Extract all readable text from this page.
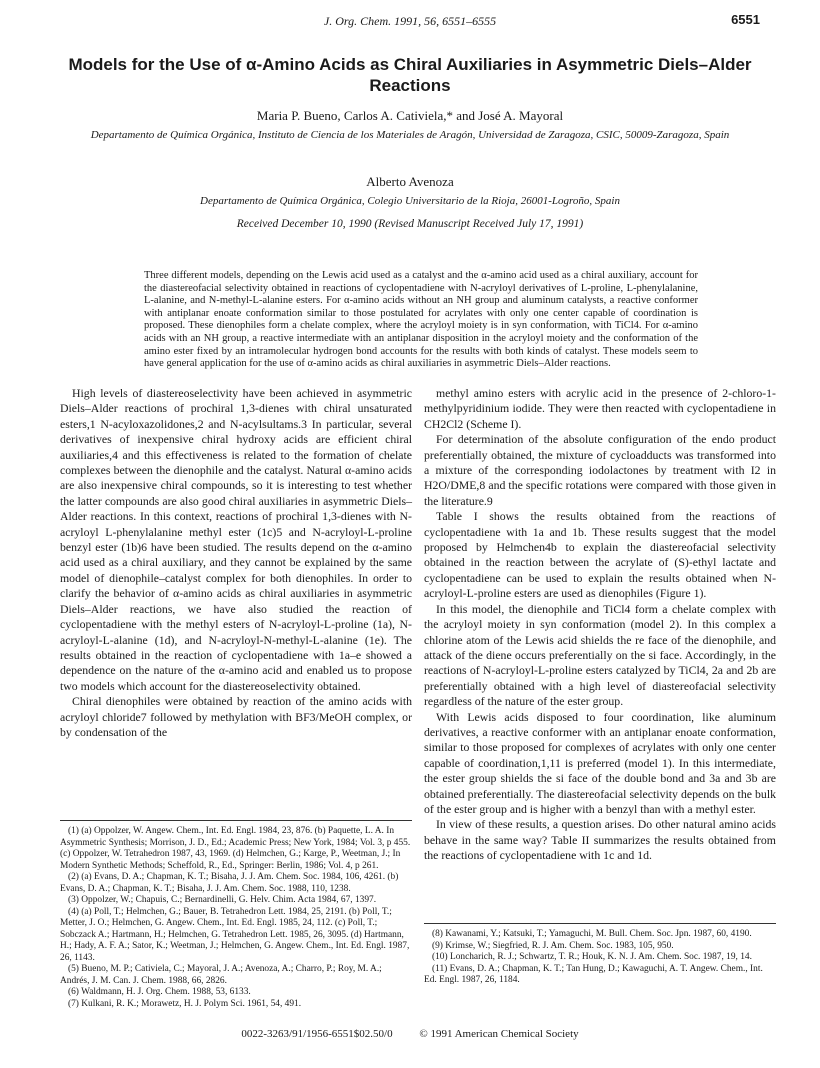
J. Org. Chem. 1991, 56, 6551–6555	6551
Models for the Use of α-Amino Acids as Chiral Auxiliaries in Asymmetric Diels–Alder Reactions
Maria P. Bueno, Carlos A. Cativiela,* and José A. Mayoral
Departamento de Química Orgánica, Instituto de Ciencia de los Materiales de Aragón, Universidad de Zaragoza, CSIC, 50009-Zaragoza, Spain
Alberto Avenoza
Departamento de Química Orgánica, Colegio Universitario de la Rioja, 26001-Logroño, Spain
Received December 10, 1990 (Revised Manuscript Received July 17, 1991)
Three different models, depending on the Lewis acid used as a catalyst and the α-amino acid used as a chiral auxiliary, account for the diastereofacial selectivity obtained in reactions of cyclopentadiene with N-acryloyl derivatives of L-proline, L-phenylalanine, L-alanine, and N-methyl-L-alanine esters. For α-amino acids without an NH group and aluminum catalysts, a reactive conformer with antiplanar enoate conformation similar to those postulated for acrylates with only one center capable of coordination is proposed. These dienophiles form a chelate complex, where the acryloyl moiety is in syn conformation, with TiCl4. For α-amino acids with an NH group, a reactive intermediate with an antiplanar disposition in the acryloyl moiety and the conformation of the amino ester fixed by an intramolecular hydrogen bond accounts for the results with both kinds of catalyst. These models seem to have general application for the use of α-amino acids as chiral auxiliaries in asymmetric Diels–Alder reactions.

High levels of diastereoselectivity have been achieved in asymmetric Diels–Alder reactions of prochiral 1,3-dienes with chiral unsaturated esters,1 N-acyloxazolidones,2 and N-acylsultams.3 In particular, several derivatives of inexpensive chiral hydroxy acids are efficient chiral auxiliaries,4 and this effectiveness is related to the formation of chelate complexes between the dienophile and the catalyst. Natural α-amino acids are also inexpensive chiral compounds, so it is interesting to test whether the latter compounds are also good chiral auxiliaries in asymmetric Diels–Alder reactions. In this context, reactions of prochiral 1,3-dienes with N-acryloyl L-phenylalanine methyl ester (1c)5 and N-acryloyl-L-proline benzyl ester (1b)6 have been studied. The results depend on the α-amino acid used as a chiral auxiliary, and they cannot be explained by the same model of dienophile–catalyst complex for both dienophiles. In order to clarify the behavior of α-amino acids as chiral auxiliaries in asymmetric Diels–Alder reactions, we have also studied the reaction of cyclopentadiene with the methyl esters of N-acryloyl-L-proline (1a), N-acryloyl-L-alanine (1d), and N-acryloyl-N-methyl-L-alanine (1e). The results obtained in the reaction of cyclopentadiene with 1a–e showed a dependence on the nature of the α-amino acid and enabled us to propose two models which account for the diastereoselectivity obtained.

Chiral dienophiles were obtained by reaction of the amino acids with acryloyl chloride7 followed by methylation with BF3/MeOH complex, or by condensation of the

methyl amino esters with acrylic acid in the presence of 2-chloro-1-methylpyridinium iodide. They were then reacted with cyclopentadiene in CH2Cl2 (Scheme I).

For determination of the absolute configuration of the endo product preferentially obtained, the mixture of cycloadducts was transformed into a mixture of the corresponding iodolactones by treatment with I2 in H2O/DME,8 and the specific rotations were compared with those given in the literature.9

Table I shows the results obtained from the reactions of cyclopentadiene with 1a and 1b. These results suggest that the model proposed by Helmchen4b to explain the diastereofacial selectivity obtained in the reaction between the acrylate of (S)-ethyl lactate and cyclopentadiene can be used to explain the results obtained when N-acryloyl-L-proline esters are used as dienophiles (Figure 1).

In this model, the dienophile and TiCl4 form a chelate complex with the acryloyl moiety in syn conformation (model 2). In this complex a chlorine atom of the Lewis acid shields the re face of the dienophile, and attack of the diene occurs preferentially on the si face. Accordingly, in the reactions of N-acryloyl-L-proline esters catalyzed by TiCl4, 2a and 2b are preferentially obtained with a high level of diastereofacial selectivity regardless of the nature of the ester group.

With Lewis acids disposed to four coordination, like aluminum derivatives, a reactive conformer with an antiplanar enoate conformation, similar to those proposed for complexes of acrylates with only one center capable of coordination,1,11 is preferred (model 1). In this intermediate, the ester group shields the si face of the double bond and 3a and 3b are obtained preferentially. The diastereofacial selectivity depends on the bulk of the ester group and is higher with a benzyl than with a methyl ester.

In view of these results, a question arises. Do other natural amino acids behave in the same way? Table II summarizes the results obtained from the reactions of cyclopentadiene with 1c and 1d.

(1) (a) Oppolzer, W. Angew. Chem., Int. Ed. Engl. 1984, 23, 876. (b) Paquette, L. A. In Asymmetric Synthesis; Morrison, J. D., Ed.; Academic Press; New York, 1984; Vol. 3, p 455. (c) Oppolzer, W. Tetrahedron 1987, 43, 1969. (d) Helmchen, G.; Karge, P., Weetman, J.; In Modern Synthetic Methods; Scheffold, R., Ed., Springer: Berlin, 1986; Vol. 4, p 261.
(2) (a) Evans, D. A.; Chapman, K. T.; Bisaha, J. J. Am. Chem. Soc. 1984, 106, 4261. (b) Evans, D. A.; Chapman, K. T.; Bisaha, J. J. Am. Chem. Soc. 1988, 110, 1238.
(3) Oppolzer, W.; Chapuis, C.; Bernardinelli, G. Helv. Chim. Acta 1984, 67, 1397.
(4) (a) Poll, T.; Helmchen, G.; Bauer, B. Tetrahedron Lett. 1984, 25, 2191. (b) Poll, T.; Metter, J. O.; Helmchen, G. Angew. Chem., Int. Ed. Engl. 1985, 24, 112. (c) Poll, T.; Sobczack A.; Hartmann, H.; Helmchen, G. Tetrahedron Lett. 1985, 26, 3095. (d) Hartmann, H.; Hady, A. F. A.; Sator, K.; Weetman, J.; Helmchen, G. Angew. Chem., Int. Ed. Engl. 1987, 26, 1143.
(5) Bueno, M. P.; Cativiela, C.; Mayoral, J. A.; Avenoza, A.; Charro, P.; Roy, M. A.; Andrés, J. M. Can. J. Chem. 1988, 66, 2826.
(6) Waldmann, H. J. Org. Chem. 1988, 53, 6133.
(7) Kulkani, R. K.; Morawetz, H. J. Polym Sci. 1961, 54, 491.
(8) Kawanami, Y.; Katsuki, T.; Yamaguchi, M. Bull. Chem. Soc. Jpn. 1987, 60, 4190.
(9) Krimse, W.; Siegfried, R. J. Am. Chem. Soc. 1983, 105, 950.
(10) Loncharich, R. J.; Schwartz, T. R.; Houk, K. N. J. Am. Chem. Soc. 1987, 19, 14.
(11) Evans, D. A.; Chapman, K. T.; Tan Hung, D.; Kawaguchi, A. T. Angew. Chem., Int. Ed. Engl. 1987, 26, 1184.
0022-3263/91/1956-6551$02.50/0 © 1991 American Chemical Society
